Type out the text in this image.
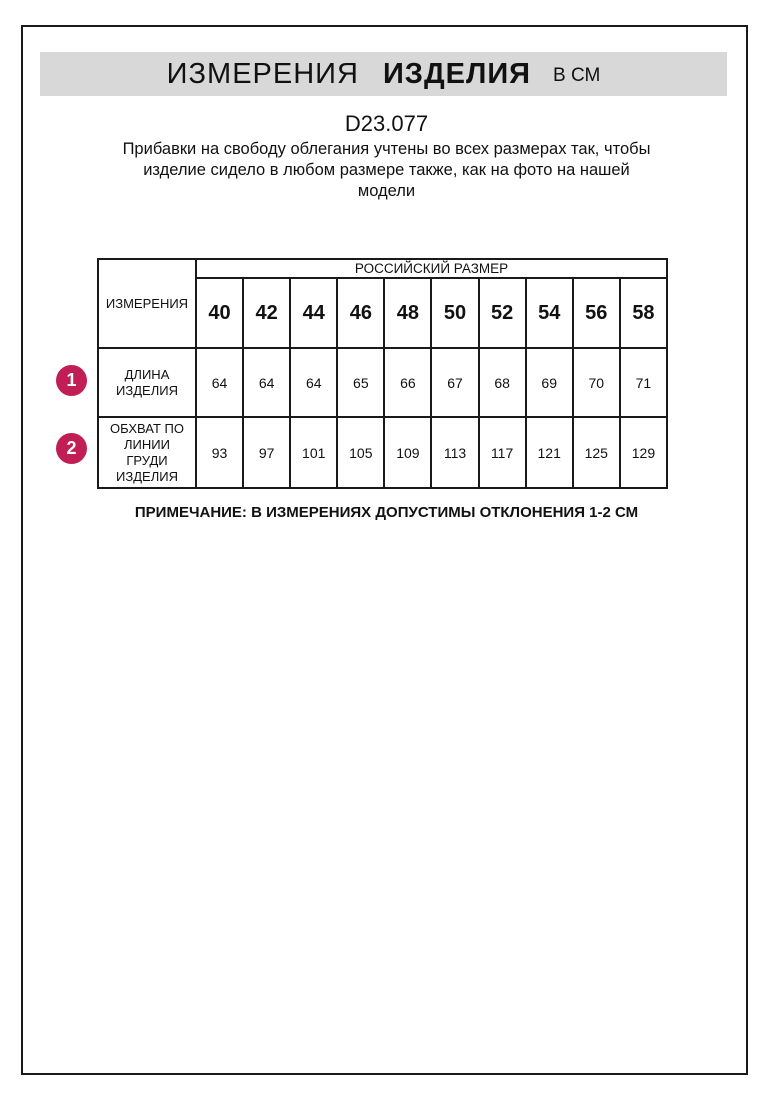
ИЗМЕРЕНИЯ ИЗДЕЛИЯ В СМ
D23.077
Прибавки на свободу облегания учтены во всех размерах так, чтобы
изделие сидело в любом размере также, как на фото на нашей
модели
ИЗМЕРЕНИЯ	РОССИЙСКИЙ РАЗМЕР									
	40	42	44	46	48	50	52	54	56	58
ДЛИНА ИЗДЕЛИЯ	64	64	64	65	66	67	68	69	70	71
ОБХВАТ ПО ЛИНИИ ГРУДИ ИЗДЕЛИЯ	93	97	101	105	109	113	117	121	125	129
1
2
ПРИМЕЧАНИЕ: В ИЗМЕРЕНИЯХ ДОПУСТИМЫ ОТКЛОНЕНИЯ 1-2 СМ
